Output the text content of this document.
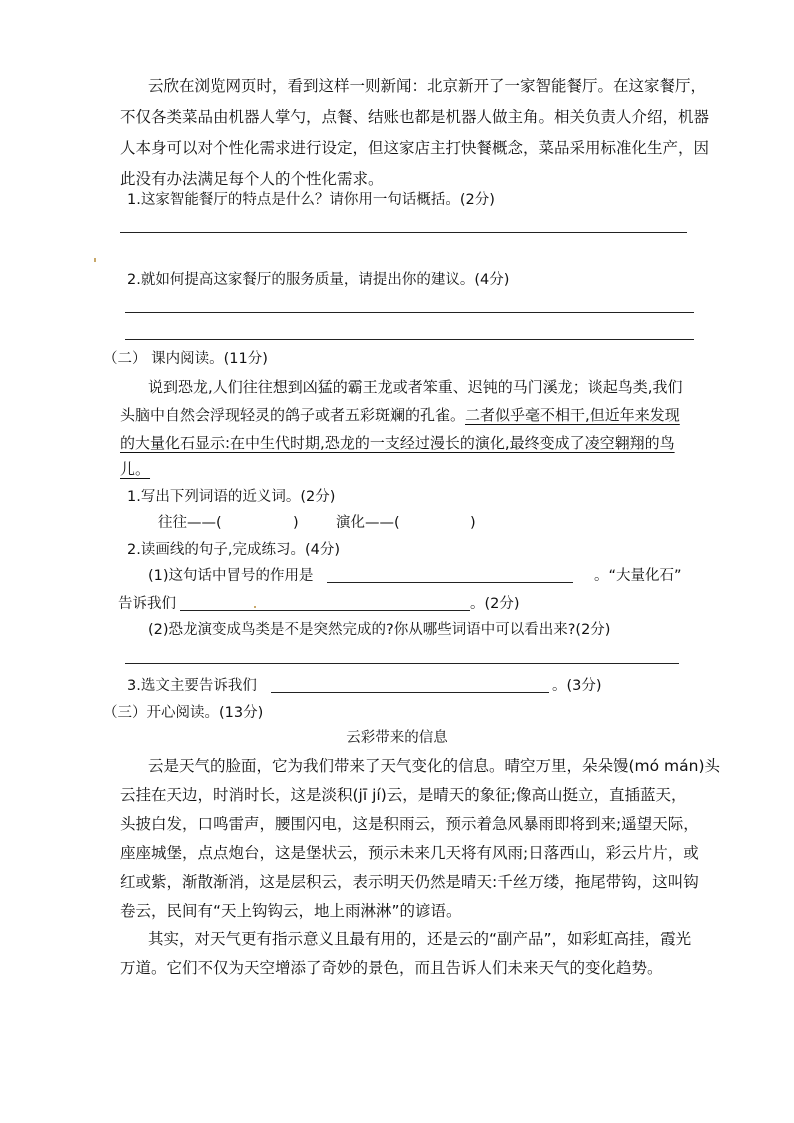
云欣在浏览网页时，看到这样一则新闻：北京新开了一家智能餐厅。在这家餐厅，
不仅各类菜品由机器人掌勺，点餐、结账也都是机器人做主角。相关负责人介绍，机器
人本身可以对个性化需求进行设定，但这家店主打快餐概念，菜品采用标准化生产，因
此没有办法满足每个人的个性化需求。
1.这家智能餐厅的特点是什么？请你用一句话概括。(2分)
2.就如何提高这家餐厅的服务质量，请提出你的建议。(4分)
（二） 课内阅读。(11分)
说到恐龙,人们往往想到凶猛的霸王龙或者笨重、迟钝的马门溪龙；谈起鸟类,我们
头脑中自然会浮现轻灵的鸽子或者五彩斑斓的孔雀。二者似乎毫不相干,但近年来发现
的大量化石显示:在中生代时期,恐龙的一支经过漫长的演化,最终变成了凌空翱翔的鸟
儿。
1.写出下列词语的近义词。(2分)
往往——(	)	演化——(	)
2.读画线的句子,完成练习。(4分)
(1)这句话中冒号的作用是	。“大量化石”
告诉我们	。(2分)
(2)恐龙演变成鸟类是不是突然完成的?你从哪些词语中可以看出来?(2分)
3.选文主要告诉我们	。(3分)
（三）开心阅读。(13分)
云彩带来的信息
云是天气的脸面，它为我们带来了天气变化的信息。晴空万里，朵朵馒(mó mán)头
云挂在天边，时消时长，这是淡积(jī jí)云，是晴天的象征;像高山挺立，直插蓝天，
头披白发，口鸣雷声，腰围闪电，这是积雨云，预示着急风暴雨即将到来;遥望天际，
座座城堡，点点炮台，这是堡状云，预示未来几天将有风雨;日落西山，彩云片片，或
红或紫，渐散渐消，这是层积云，表示明天仍然是晴天:千丝万缕，拖尾带钩，这叫钩
卷云，民间有“天上钩钩云，地上雨淋淋”的谚语。
其实，对天气更有指示意义且最有用的，还是云的“副产品”，如彩虹高挂，霞光
万道。它们不仅为天空增添了奇妙的景色，而且告诉人们未来天气的变化趋势。
